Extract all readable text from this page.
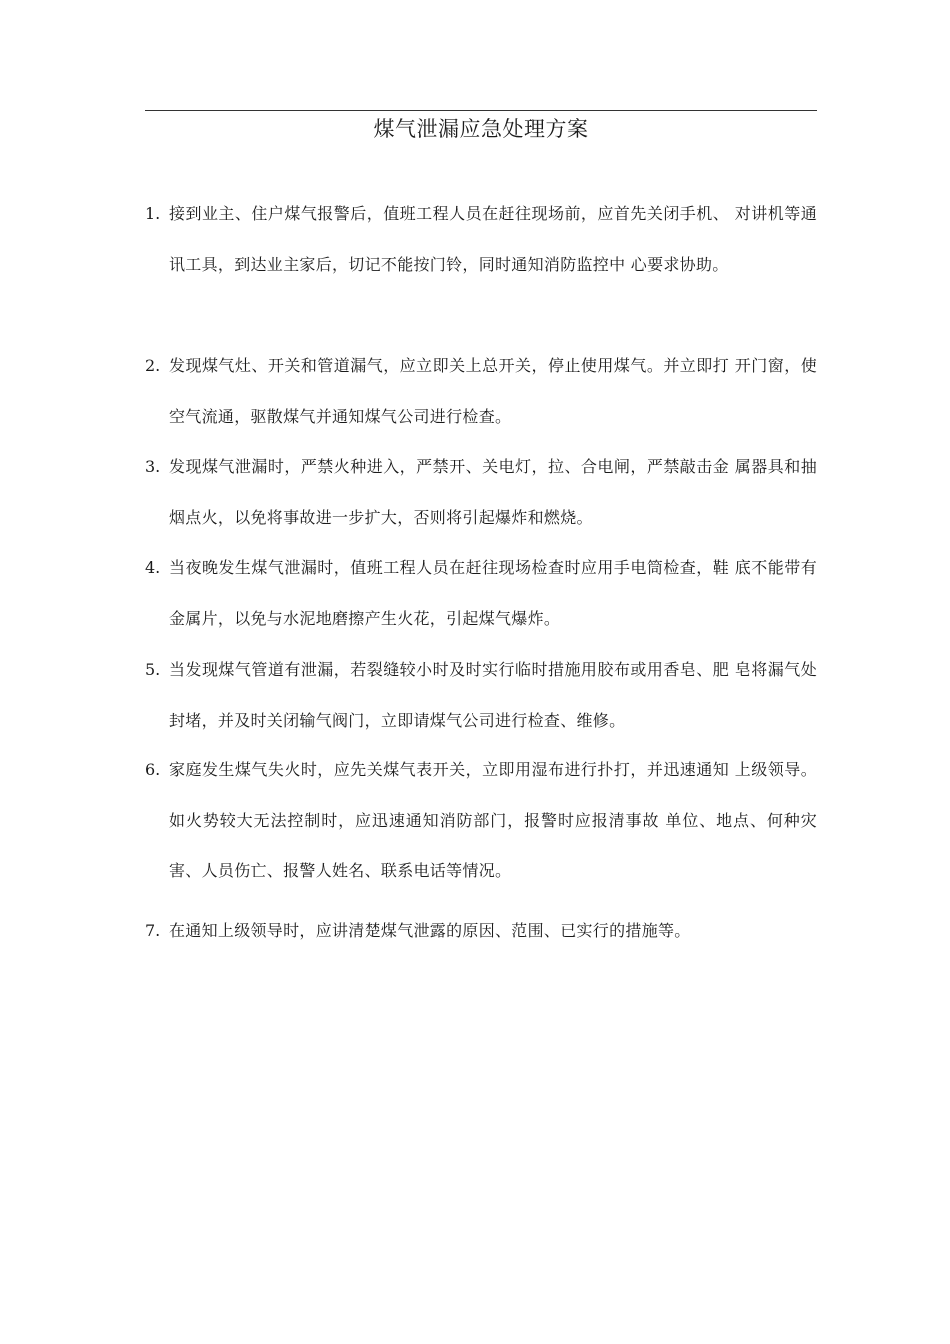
煤气泄漏应急处理方案
1. 接到业主、住户煤气报警后，值班工程人员在赶往现场前，应首先关闭手机、 对讲机等通讯工具，到达业主家后，切记不能按门铃，同时通知消防监控中 心要求协助。
2. 发现煤气灶、开关和管道漏气，应立即关上总开关，停止使用煤气。并立即打 开门窗，使空气流通，驱散煤气并通知煤气公司进行检查。
3. 发现煤气泄漏时，严禁火种进入，严禁开、关电灯，拉、合电闸，严禁敲击金 属器具和抽烟点火，以免将事故进一步扩大，否则将引起爆炸和燃烧。
4. 当夜晚发生煤气泄漏时，值班工程人员在赶往现场检查时应用手电筒检查，鞋 底不能带有金属片，以免与水泥地磨擦产生火花，引起煤气爆炸。
5. 当发现煤气管道有泄漏，若裂缝较小时及时实行临时措施用胶布或用香皂、肥 皂将漏气处封堵，并及时关闭输气阀门，立即请煤气公司进行检查、维修。
6. 家庭发生煤气失火时，应先关煤气表开关，立即用湿布进行扑打，并迅速通知 上级领导。如火势较大无法控制时，应迅速通知消防部门，报警时应报清事故 单位、地点、何种灾害、人员伤亡、报警人姓名、联系电话等情况。
7. 在通知上级领导时，应讲清楚煤气泄露的原因、范围、已实行的措施等。
